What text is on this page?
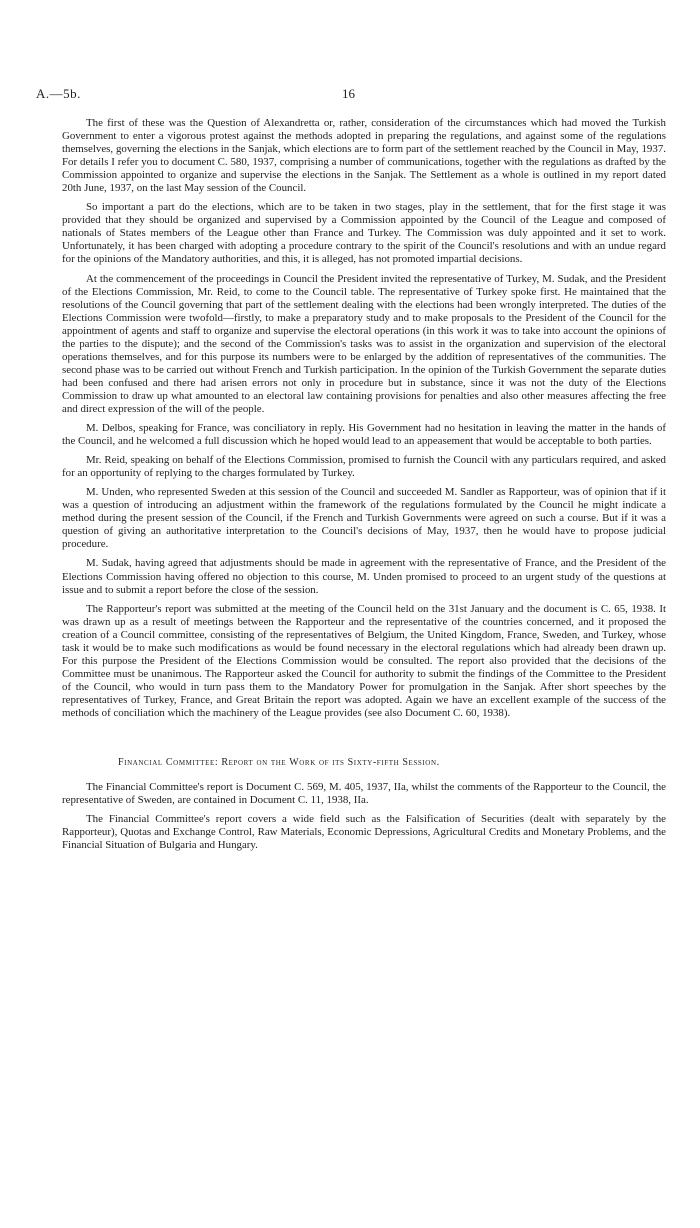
A.—5b.	16

The first of these was the Question of Alexandretta or, rather, consideration of the circumstances which had moved the Turkish Government to enter a vigorous protest against the methods adopted in preparing the regulations, and against some of the regulations themselves, governing the elections in the Sanjak, which elections are to form part of the settlement reached by the Council in May, 1937. For details I refer you to document C. 580, 1937, comprising a number of communications, together with the regulations as drafted by the Commission appointed to organize and supervise the elections in the Sanjak. The Settlement as a whole is outlined in my report dated 20th June, 1937, on the last May session of the Council.

So important a part do the elections, which are to be taken in two stages, play in the settlement, that for the first stage it was provided that they should be organized and supervised by a Commission appointed by the Council of the League and composed of nationals of States members of the League other than France and Turkey. The Commission was duly appointed and it set to work. Unfortunately, it has been charged with adopting a procedure contrary to the spirit of the Council's resolutions and with an undue regard for the opinions of the Mandatory authorities, and this, it is alleged, has not promoted impartial decisions.

At the commencement of the proceedings in Council the President invited the representative of Turkey, M. Sudak, and the President of the Elections Commission, Mr. Reid, to come to the Council table. The representative of Turkey spoke first. He maintained that the resolutions of the Council governing that part of the settlement dealing with the elections had been wrongly interpreted. The duties of the Elections Commission were twofold—firstly, to make a preparatory study and to make proposals to the President of the Council for the appointment of agents and staff to organize and supervise the electoral operations (in this work it was to take into account the opinions of the parties to the dispute); and the second of the Commission's tasks was to assist in the organization and supervision of the electoral operations themselves, and for this purpose its numbers were to be enlarged by the addition of representatives of the communities. The second phase was to be carried out without French and Turkish participation. In the opinion of the Turkish Government the separate duties had been confused and there had arisen errors not only in procedure but in substance, since it was not the duty of the Elections Commission to draw up what amounted to an electoral law containing provisions for penalties and also other measures affecting the free and direct expression of the will of the people.

M. Delbos, speaking for France, was conciliatory in reply. His Government had no hesitation in leaving the matter in the hands of the Council, and he welcomed a full discussion which he hoped would lead to an appeasement that would be acceptable to both parties.

Mr. Reid, speaking on behalf of the Elections Commission, promised to furnish the Council with any particulars required, and asked for an opportunity of replying to the charges formulated by Turkey.

M. Unden, who represented Sweden at this session of the Council and succeeded M. Sandler as Rapporteur, was of opinion that if it was a question of introducing an adjustment within the framework of the regulations formulated by the Council he might indicate a method during the present session of the Council, if the French and Turkish Governments were agreed on such a course. But if it was a question of giving an authoritative interpretation to the Council's decisions of May, 1937, then he would have to propose judicial procedure.

M. Sudak, having agreed that adjustments should be made in agreement with the representative of France, and the President of the Elections Commission having offered no objection to this course, M. Unden promised to proceed to an urgent study of the questions at issue and to submit a report before the close of the session.

The Rapporteur's report was submitted at the meeting of the Council held on the 31st January and the document is C. 65, 1938. It was drawn up as a result of meetings between the Rapporteur and the representative of the countries concerned, and it proposed the creation of a Council committee, consisting of the representatives of Belgium, the United Kingdom, France, Sweden, and Turkey, whose task it would be to make such modifications as would be found necessary in the electoral regulations which had already been drawn up. For this purpose the President of the Elections Commission would be consulted. The report also provided that the decisions of the Committee must be unanimous. The Rapporteur asked the Council for authority to submit the findings of the Committee to the President of the Council, who would in turn pass them to the Mandatory Power for promulgation in the Sanjak. After short speeches by the representatives of Turkey, France, and Great Britain the report was adopted. Again we have an excellent example of the success of the methods of conciliation which the machinery of the League provides (see also Document C. 60, 1938).

Financial Committee: Report on the Work of its Sixty-fifth Session.

The Financial Committee's report is Document C. 569, M. 405, 1937, IIa, whilst the comments of the Rapporteur to the Council, the representative of Sweden, are contained in Document C. 11, 1938, IIa.

The Financial Committee's report covers a wide field such as the Falsification of Securities (dealt with separately by the Rapporteur), Quotas and Exchange Control, Raw Materials, Economic Depressions, Agricultural Credits and Monetary Problems, and the Financial Situation of Bulgaria and Hungary.
